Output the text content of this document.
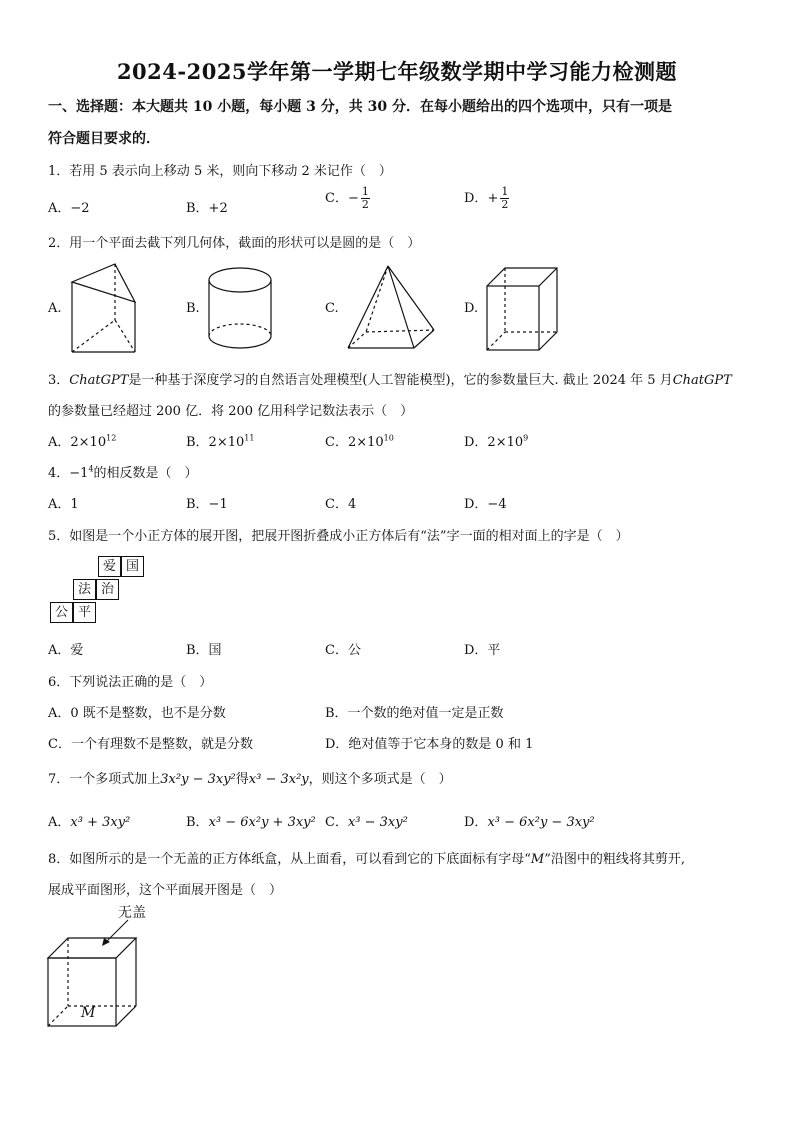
2024-2025学年第一学期七年级数学期中学习能力检测题
一、选择题：本大题共 10 小题，每小题 3 分，共 30 分．在每小题给出的四个选项中，只有一项是
符合题目要求的．
1．若用 5 表示向上移动 5 米，则向下移动 2 米记作（　）
A．−2	B．+2
C．− $\frac{1}{2}$	D．+ $\frac{1}{2}$
2．用一个平面去截下列几何体，截面的形状可以是圆的是（　）
A.	B.	C.	D.
3．ChatGPT是一种基于深度学习的自然语言处理模型(人工智能模型)，它的参数量巨大. 截止 2024 年 5 月ChatGPT
的参数量已经超过 200 亿．将 200 亿用科学记数法表示（　）
A．$2\times 10^{12}$	B．$2\times 10^{11}$	C．$2\times 10^{10}$	D．$2\times 10^9$
4．$-1^4$的相反数是（　）
A．1	B．−1	C．4	D．−4
5．如图是一个小正方体的展开图，把展开图折叠成小正方体后有“法”字一面的相对面上的字是（　）
爱 国
法 治
公 平
A．爱	B．国	C．公	D．平
6．下列说法正确的是（　）
A．0 既不是整数，也不是分数	B．一个数的绝对值一定是正数
C．一个有理数不是整数，就是分数	D．绝对值等于它本身的数是 0 和 1
7．一个多项式加上3x²y − 3xy²得x³ − 3x²y，则这个多项式是（　）
A．x³ + 3xy²	B．x³ − 6x²y + 3xy² C．x³ − 3xy²	D．x³ − 6x²y − 3xy²
8．如图所示的是一个无盖的正方体纸盒，从上面看，可以看到它的下底面标有字母“M”沿图中的粗线将其剪开,
展成平面图形，这个平面展开图是（　）
无盖
M
